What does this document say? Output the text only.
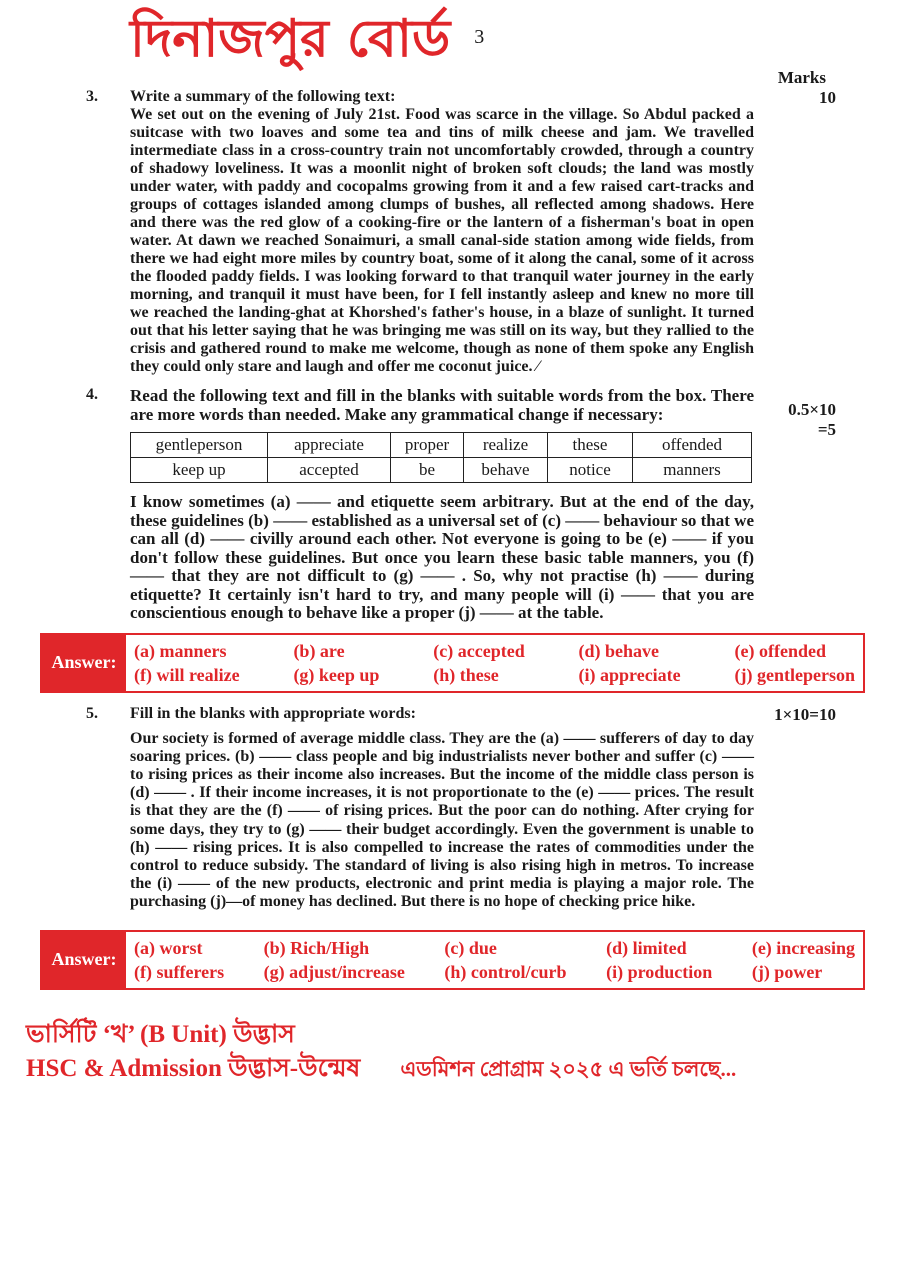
দিনাজপুর বোর্ড 3
Marks
3.	Write a summary of the following text:
We set out on the evening of July 21st. Food was scarce in the village. So Abdul packed a suitcase with two loaves and some tea and tins of milk cheese and jam. We travelled intermediate class in a cross-country train not uncomfortably crowded, through a country of shadowy loveliness. It was a moonlit night of broken soft clouds; the land was mostly under water, with paddy and cocopalms growing from it and a few raised cart-tracks and groups of cottages islanded among clumps of bushes, all reflected among shadows. Here and there was the red glow of a cooking-fire or the lantern of a fisherman's boat in open water. At dawn we reached Sonaimuri, a small canal-side station among wide fields, from there we had eight more miles by country boat, some of it along the canal, some of it across the flooded paddy fields. I was looking forward to that tranquil water journey in the early morning, and tranquil it must have been, for I fell instantly asleep and knew no more till we reached the landing-ghat at Khorshed's father's house, in a blaze of sunlight. It turned out that his letter saying that he was bringing me was still on its way, but they rallied to the crisis and gathered round to make me welcome, though as none of them spoke any English they could only stare and laugh and offer me coconut juice. ⁄
10
4.	Read the following text and fill in the blanks with suitable words from the box. There are more words than needed. Make any grammatical change if necessary:
gentleperson	appreciate	proper	realize	these	offended
keep up	accepted	be	behave	notice	manners
I know sometimes (a) —— and etiquette seem arbitrary. But at the end of the day, these guidelines (b) —— established as a universal set of (c) —— behaviour so that we can all (d) —— civilly around each other. Not everyone is going to be (e) —— if you don't follow these guidelines. But once you learn these basic table manners, you (f) —— that they are not difficult to (g) —— . So, why not practise (h) —— during etiquette? It certainly isn't hard to try, and many people will (i) —— that you are conscientious enough to behave like a proper (j) —— at the table.
0.5×10
=5
Answer:
(a) manners	(b) are	(c) accepted	(d) behave	(e) offended
(f) will realize	(g) keep up	(h) these	(i) appreciate	(j) gentleperson
5.	Fill in the blanks with appropriate words:
Our society is formed of average middle class. They are the (a) —— sufferers of day to day soaring prices. (b) —— class people and big industrialists never bother and suffer (c) —— to rising prices as their income also increases. But the income of the middle class person is (d) —— . If their income increases, it is not proportionate to the (e) —— prices. The result is that they are the (f) —— of rising prices. But the poor can do nothing. After crying for some days, they try to (g) —— their budget accordingly. Even the government is unable to (h) —— rising prices. It is also compelled to increase the rates of commodities under the control to reduce subsidy. The standard of living is also rising high in metros. To increase the (i) —— of the new products, electronic and print media is playing a major role. The purchasing (j)—of money has declined. But there is no hope of checking price hike.
1×10=10
Answer:
(a) worst	(b) Rich/High	(c) due	(d) limited	(e) increasing
(f) sufferers (g) adjust/increase (h) control/curb (i) production (j) power
ভার্সিটি ‘খ’ (B Unit) উদ্ভাস
HSC & Admission উদ্ভাস-উন্মেষ এডমিশন প্রোগ্রাম ২০২৫ এ ভর্তি চলছে...
